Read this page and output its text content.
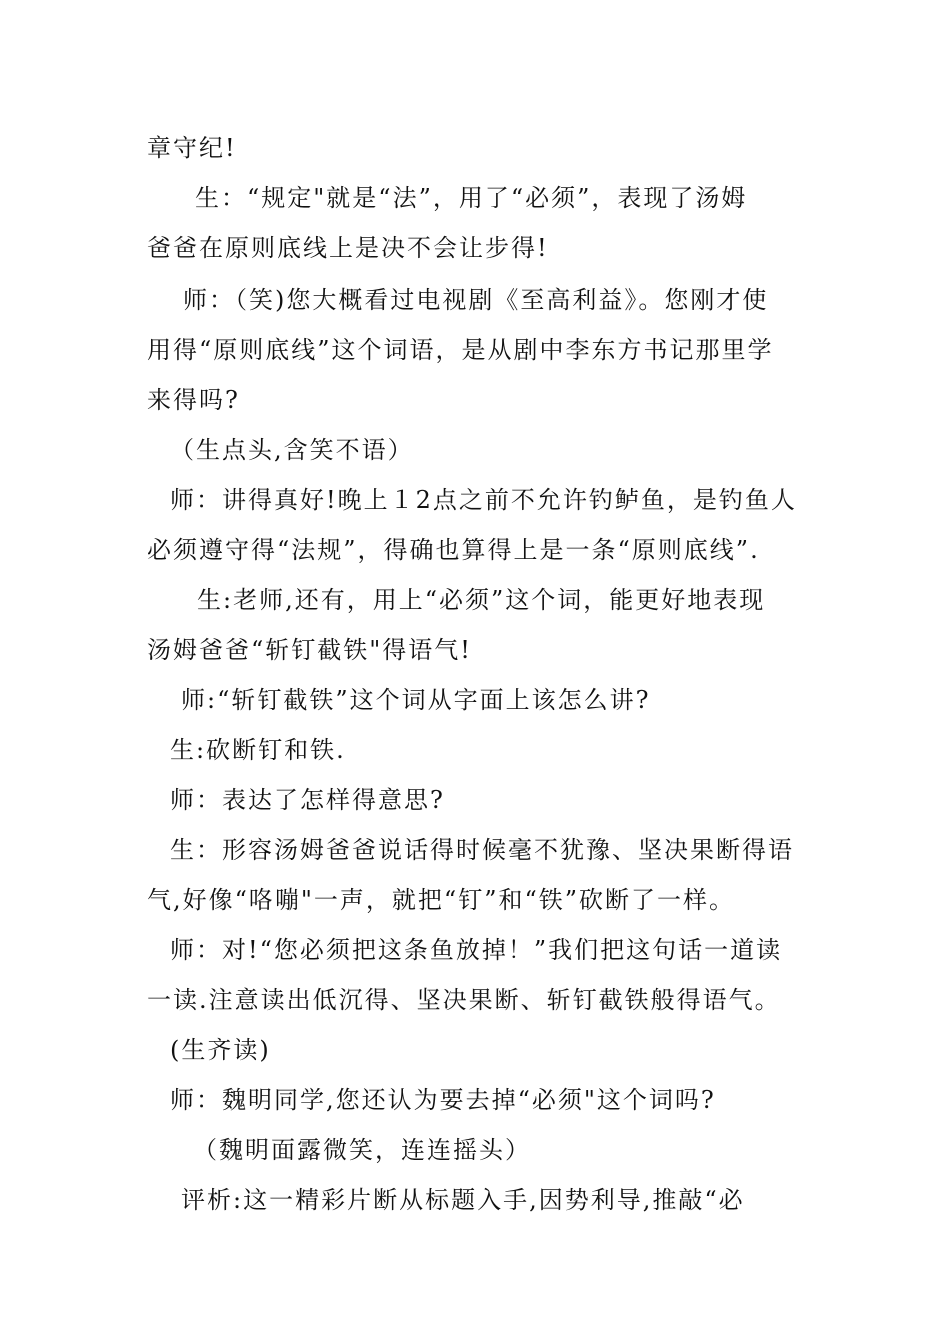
章守纪!
生：“规定"就是“法”，用了“必须”，表现了汤姆
爸爸在原则底线上是决不会让步得!
师：（笑)您大概看过电视剧《至高利益》。您刚才使
用得“原则底线”这个词语，是从剧中李东方书记那里学
来得吗?
（生点头,含笑不语）
师：讲得真好!晚上１2点之前不允许钓鲈鱼，是钓鱼人
必须遵守得“法规”，得确也算得上是一条“原则底线”.
生:老师,还有，用上“必须”这个词，能更好地表现
汤姆爸爸“斩钉截铁"得语气!
师:“斩钉截铁”这个词从字面上该怎么讲?
生:砍断钉和铁.
师：表达了怎样得意思?
生：形容汤姆爸爸说话得时候毫不犹豫、坚决果断得语
气,好像“咯嘣"一声，就把“钉”和“铁”砍断了一样。
师：对!“您必须把这条鱼放掉！”我们把这句话一道读
一读.注意读出低沉得、坚决果断、斩钉截铁般得语气。
(生齐读)
师：魏明同学,您还认为要去掉“必须"这个词吗?
（魏明面露微笑，连连摇头）
评析:这一精彩片断从标题入手,因势利导,推敲“必
